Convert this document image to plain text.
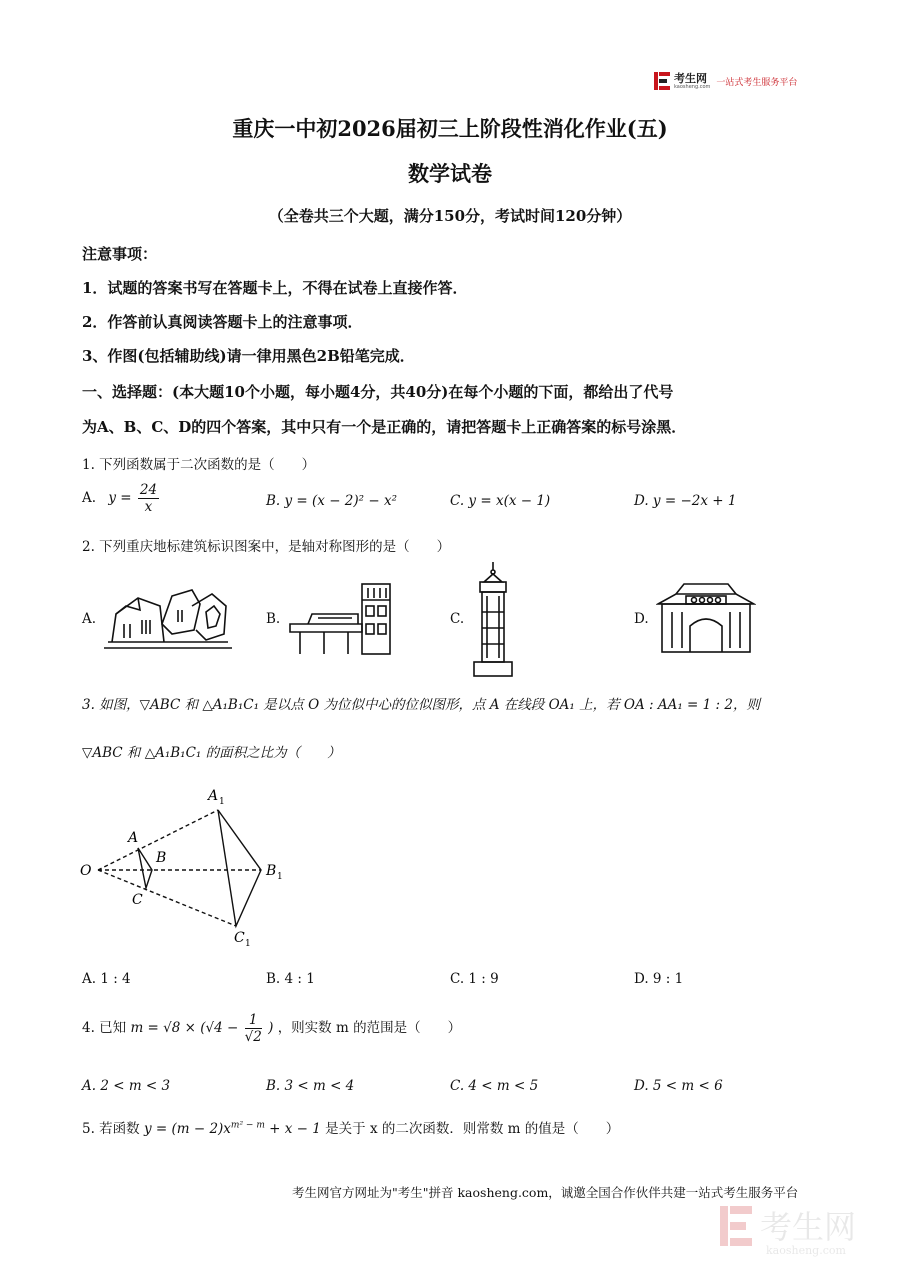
考生网
kaosheng.com 一站式考生服务平台
重庆一中初2026届初三上阶段性消化作业(五)
数学试卷
（全卷共三个大题，满分150分，考试时间120分钟）
注意事项：
1．试题的答案书写在答题卡上，不得在试卷上直接作答．
2．作答前认真阅读答题卡上的注意事项．
3、作图(包括辅助线)请一律用黑色2B铅笔完成．
一、选择题：(本大题10个小题，每小题4分，共40分)在每个小题的下面，都给出了代号
为A、B、C、D的四个答案，其中只有一个是正确的，请把答题卡上正确答案的标号涂黑．
1. 下列函数属于二次函数的是（　　）
A. $y = \frac{24}{x}$	B. y = (x − 2)² − x²	C. y = x(x − 1)	D. y = −2x + 1
2. 下列重庆地标建筑标识图案中，是轴对称图形的是（　　）
A.	B.	C.	D.
3. 如图，▽ABC 和 △A₁B₁C₁ 是以点 O 为位似中心的位似图形，点 A 在线段 OA₁ 上，若 OA : AA₁ = 1 : 2，则
▽ABC 和 △A₁B₁C₁ 的面积之比为（　　）
O
A
B
C
A 1
B 1
C 1
A. 1 : 4	B. 4 : 1	C. 1 : 9	D. 9 : 1
4. 已知 $m = √8 \times (√4 - \frac{1}{√2}$ ) ，则实数 m 的范围是（　　）
A. 2 < m < 3	B. 3 < m < 4	C. 4 < m < 5	D. 5 < m < 6
5. 若函数 $y = (m - 2)x^{m^2 - m} + x - 1$ 是关于 x 的二次函数．则常数 m 的值是（　　）
考生网官方网址为"考生"拼音 kaosheng.com，诚邀全国合作伙伴共建一站式考生服务平台
考生网
kaosheng.com
